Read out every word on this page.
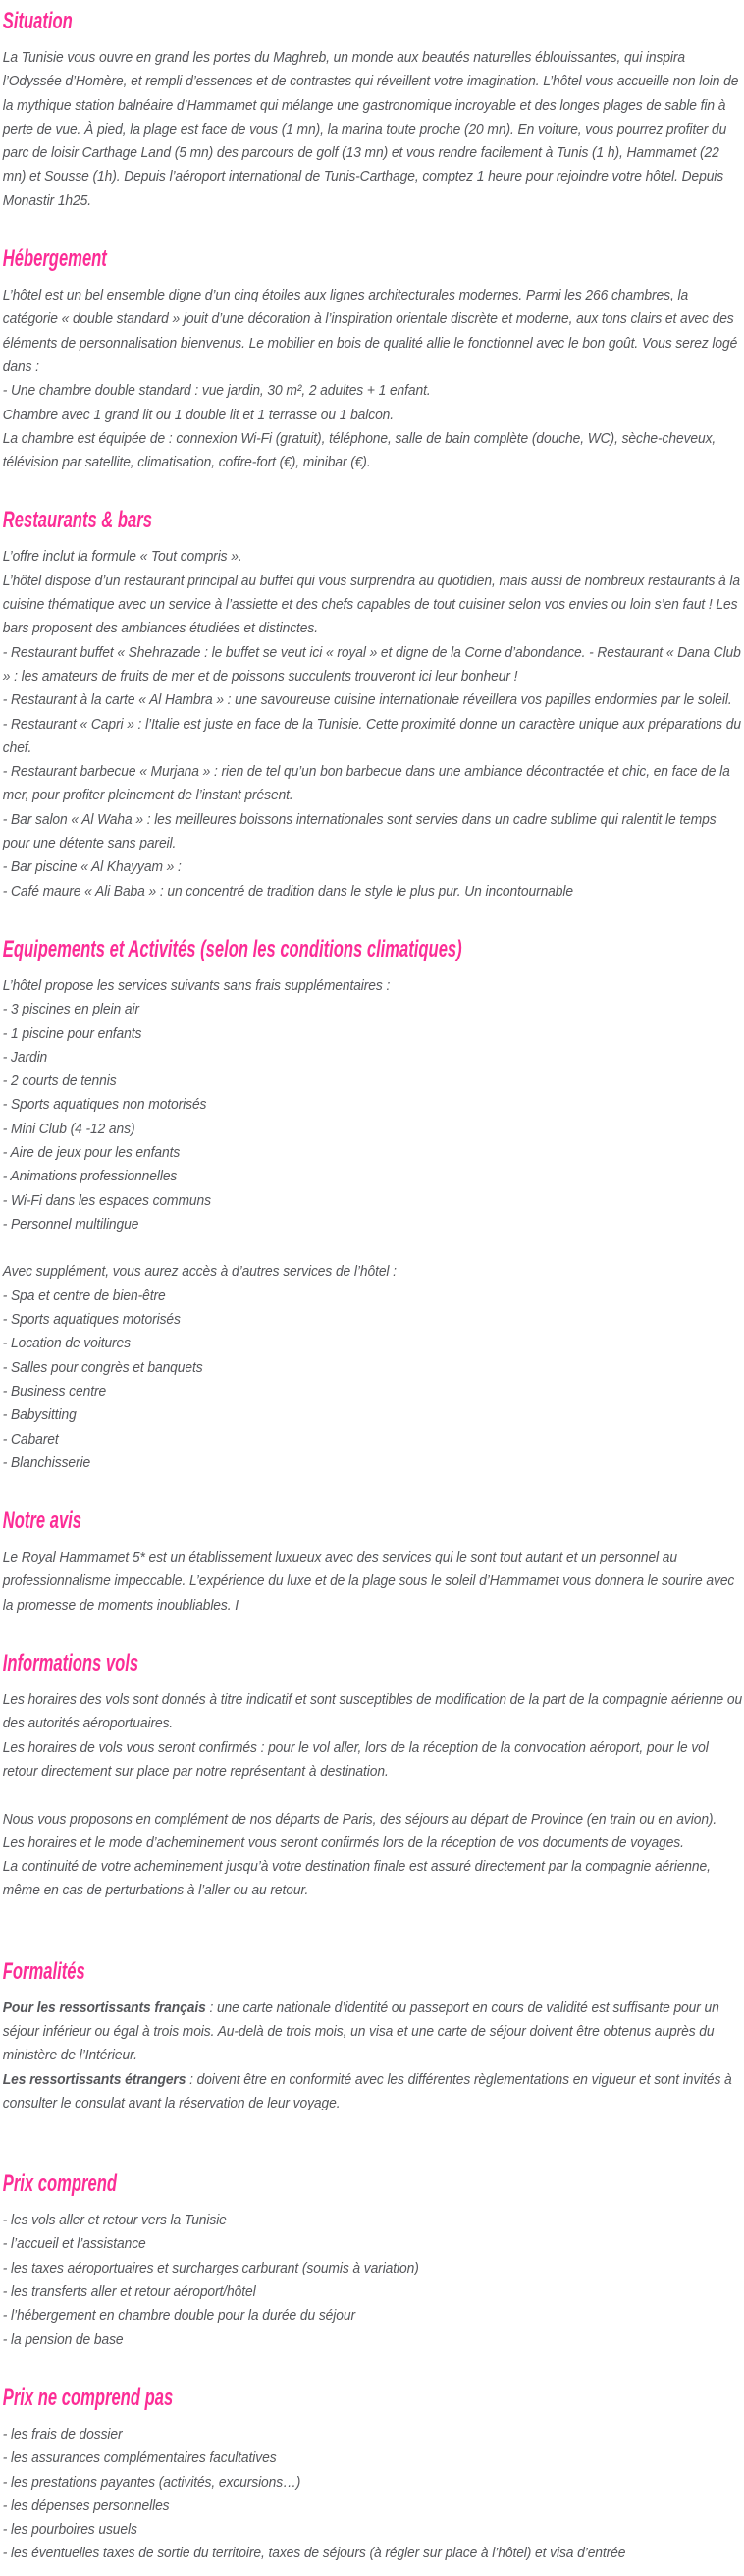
Situation

La Tunisie vous ouvre en grand les portes du Maghreb, un monde aux beautés naturelles éblouissantes, qui inspira l’Odyssée d’Homère, et rempli d’essences et de contrastes qui réveillent votre imagination. L’hôtel vous accueille non loin de la mythique station balnéaire d’Hammamet qui mélange une gastronomique incroyable et des longes plages de sable fin à perte de vue. À pied, la plage est face de vous (1 mn), la marina toute proche (20 mn). En voiture, vous pourrez profiter du parc de loisir Carthage Land (5 mn) des parcours de golf (13 mn) et vous rendre facilement à Tunis (1 h), Hammamet (22 mn) et Sousse (1h). Depuis l’aéroport international de Tunis-Carthage, comptez 1 heure pour rejoindre votre hôtel. Depuis Monastir 1h25.

Hébergement

L’hôtel est un bel ensemble digne d’un cinq étoiles aux lignes architecturales modernes. Parmi les 266 chambres, la catégorie « double standard » jouit d’une décoration à l’inspiration orientale discrète et moderne, aux tons clairs et avec des éléments de personnalisation bienvenus. Le mobilier en bois de qualité allie le fonctionnel avec le bon goût. Vous serez logé dans :

- Une chambre double standard : vue jardin, 30 m², 2 adultes + 1 enfant.

Chambre avec 1 grand lit ou 1 double lit et 1 terrasse ou 1 balcon.

La chambre est équipée de : connexion Wi-Fi (gratuit), téléphone, salle de bain complète (douche, WC), sèche-cheveux, télévision par satellite, climatisation, coffre-fort (€), minibar (€).

Restaurants & bars

L’offre inclut la formule « Tout compris ».

L’hôtel dispose d’un restaurant principal au buffet qui vous surprendra au quotidien, mais aussi de nombreux restaurants à la cuisine thématique avec un service à l’assiette et des chefs capables de tout cuisiner selon vos envies ou loin s’en faut ! Les bars proposent des ambiances étudiées et distinctes.

- Restaurant buffet « Shehrazade : le buffet se veut ici « royal » et digne de la Corne d’abondance. - Restaurant « Dana Club » : les amateurs de fruits de mer et de poissons succulents trouveront ici leur bonheur !

- Restaurant à la carte « Al Hambra » : une savoureuse cuisine internationale réveillera vos papilles endormies par le soleil.

- Restaurant « Capri » : l’Italie est juste en face de la Tunisie. Cette proximité donne un caractère unique aux préparations du chef.

- Restaurant barbecue « Murjana » : rien de tel qu’un bon barbecue dans une ambiance décontractée et chic, en face de la mer, pour profiter pleinement de l’instant présent.

- Bar salon « Al Waha » : les meilleures boissons internationales sont servies dans un cadre sublime qui ralentit le temps pour une détente sans pareil.

- Bar piscine « Al Khayyam » :

- Café maure « Ali Baba » : un concentré de tradition dans le style le plus pur. Un incontournable

Equipements et Activités (selon les conditions climatiques)

L’hôtel propose les services suivants sans frais supplémentaires :

- 3 piscines en plein air

- 1 piscine pour enfants

- Jardin

- 2 courts de tennis

- Sports aquatiques non motorisés

- Mini Club (4 -12 ans)

- Aire de jeux pour les enfants

- Animations professionnelles

- Wi-Fi dans les espaces communs

- Personnel multilingue

Avec supplément, vous aurez accès à d’autres services de l’hôtel :

- Spa et centre de bien-être

- Sports aquatiques motorisés

- Location de voitures

- Salles pour congrès et banquets

- Business centre

- Babysitting

- Cabaret

- Blanchisserie

Notre avis

Le Royal Hammamet 5* est un établissement luxueux avec des services qui le sont tout autant et un personnel au professionnalisme impeccable. L’expérience du luxe et de la plage sous le soleil d’Hammamet vous donnera le sourire avec la promesse de moments inoubliables. I

Informations vols

Les horaires des vols sont donnés à titre indicatif et sont susceptibles de modification de la part de la compagnie aérienne ou des autorités aéroportuaires.

Les horaires de vols vous seront confirmés : pour le vol aller, lors de la réception de la convocation aéroport, pour le vol retour directement sur place par notre représentant à destination.

Nous vous proposons en complément de nos départs de Paris, des séjours au départ de Province (en train ou en avion).

Les horaires et le mode d’acheminement vous seront confirmés lors de la réception de vos documents de voyages.

La continuité de votre acheminement jusqu’à votre destination finale est assuré directement par la compagnie aérienne, même en cas de perturbations à l’aller ou au retour.

Formalités

Pour les ressortissants français : une carte nationale d’identité ou passeport en cours de validité est suffisante pour un séjour inférieur ou égal à trois mois. Au-delà de trois mois, un visa et une carte de séjour doivent être obtenus auprès du ministère de l’Intérieur.

Les ressortissants étrangers : doivent être en conformité avec les différentes règlementations en vigueur et sont invités à consulter le consulat avant la réservation de leur voyage.

Prix comprend

- les vols aller et retour vers la Tunisie

- l’accueil et l’assistance

- les taxes aéroportuaires et surcharges carburant (soumis à variation)

- les transferts aller et retour aéroport/hôtel

- l’hébergement en chambre double pour la durée du séjour

- la pension de base

Prix ne comprend pas

- les frais de dossier

- les assurances complémentaires facultatives

- les prestations payantes (activités, excursions…)

- les dépenses personnelles

- les pourboires usuels

- les éventuelles taxes de sortie du territoire, taxes de séjours (à régler sur place à l’hôtel) et visa d’entrée
